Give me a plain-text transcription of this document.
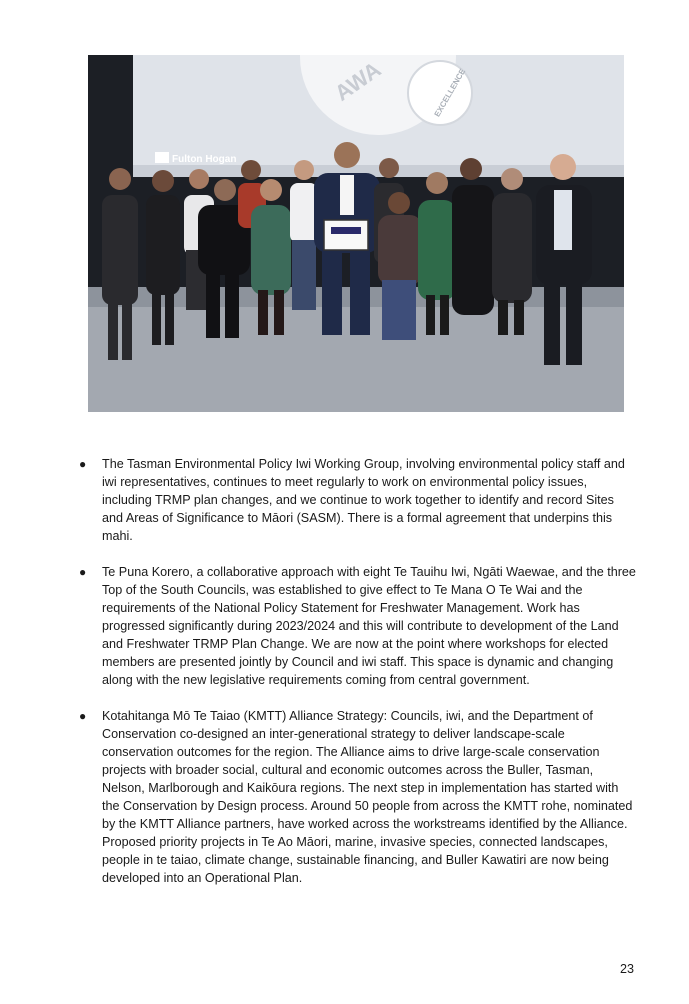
AWA	EXCELLENCE
Fulton Hogan
● The Tasman Environmental Policy Iwi Working Group, involving environmental policy staff and iwi representatives, continues to meet regularly to work on environmental policy issues, including TRMP plan changes, and we continue to work together to identify and record Sites and Areas of Significance to Māori (SASM). There is a formal agreement that underpins this mahi.
● Te Puna Korero, a collaborative approach with eight Te Tauihu Iwi, Ngāti Waewae, and the three Top of the South Councils, was established to give effect to Te Mana O Te Wai and the requirements of the National Policy Statement for Freshwater Management. Work has progressed significantly during 2023/2024 and this will contribute to development of the Land and Freshwater TRMP Plan Change. We are now at the point where workshops for elected members are presented jointly by Council and iwi staff. This space is dynamic and changing along with the new legislative requirements coming from central government.
● Kotahitanga Mō Te Taiao (KMTT) Alliance Strategy: Councils, iwi, and the Department of Conservation co-designed an inter-generational strategy to deliver landscape-scale conservation outcomes for the region. The Alliance aims to drive large-scale conservation projects with broader social, cultural and economic outcomes across the Buller, Tasman, Nelson, Marlborough and Kaikōura regions. The next step in implementation has started with the Conservation by Design process. Around 50 people from across the KMTT rohe, nominated by the KMTT Alliance partners, have worked across the workstreams identified by the Alliance. Proposed priority projects in Te Ao Māori, marine, invasive species, connected landscapes, people in te taiao, climate change, sustainable financing, and Buller Kawatiri are now being developed into an Operational Plan.
23
